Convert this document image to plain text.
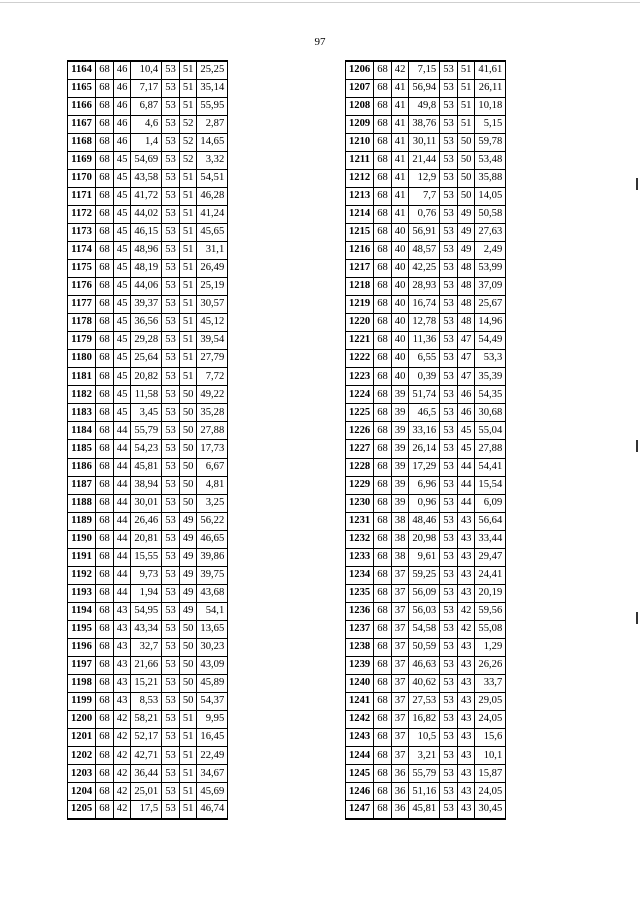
97
1164	68	46	10,4	53	51	25,25
1165	68	46	7,17	53	51	35,14
1166	68	46	6,87	53	51	55,95
1167	68	46	4,6	53	52	2,87
1168	68	46	1,4	53	52	14,65
1169	68	45	54,69	53	52	3,32
1170	68	45	43,58	53	51	54,51
1171	68	45	41,72	53	51	46,28
1172	68	45	44,02	53	51	41,24
1173	68	45	46,15	53	51	45,65
1174	68	45	48,96	53	51	31,1
1175	68	45	48,19	53	51	26,49
1176	68	45	44,06	53	51	25,19
1177	68	45	39,37	53	51	30,57
1178	68	45	36,56	53	51	45,12
1179	68	45	29,28	53	51	39,54
1180	68	45	25,64	53	51	27,79
1181	68	45	20,82	53	51	7,72
1182	68	45	11,58	53	50	49,22
1183	68	45	3,45	53	50	35,28
1184	68	44	55,79	53	50	27,88
1185	68	44	54,23	53	50	17,73
1186	68	44	45,81	53	50	6,67
1187	68	44	38,94	53	50	4,81
1188	68	44	30,01	53	50	3,25
1189	68	44	26,46	53	49	56,22
1190	68	44	20,81	53	49	46,65
1191	68	44	15,55	53	49	39,86
1192	68	44	9,73	53	49	39,75
1193	68	44	1,94	53	49	43,68
1194	68	43	54,95	53	49	54,1
1195	68	43	43,34	53	50	13,65
1196	68	43	32,7	53	50	30,23
1197	68	43	21,66	53	50	43,09
1198	68	43	15,21	53	50	45,89
1199	68	43	8,53	53	50	54,37
1200	68	42	58,21	53	51	9,95
1201	68	42	52,17	53	51	16,45
1202	68	42	42,71	53	51	22,49
1203	68	42	36,44	53	51	34,67
1204	68	42	25,01	53	51	45,69
1205	68	42	17,5	53	51	46,74
1206	68	42	7,15	53	51	41,61
1207	68	41	56,94	53	51	26,11
1208	68	41	49,8	53	51	10,18
1209	68	41	38,76	53	51	5,15
1210	68	41	30,11	53	50	59,78
1211	68	41	21,44	53	50	53,48
1212	68	41	12,9	53	50	35,88
1213	68	41	7,7	53	50	14,05
1214	68	41	0,76	53	49	50,58
1215	68	40	56,91	53	49	27,63
1216	68	40	48,57	53	49	2,49
1217	68	40	42,25	53	48	53,99
1218	68	40	28,93	53	48	37,09
1219	68	40	16,74	53	48	25,67
1220	68	40	12,78	53	48	14,96
1221	68	40	11,36	53	47	54,49
1222	68	40	6,55	53	47	53,3
1223	68	40	0,39	53	47	35,39
1224	68	39	51,74	53	46	54,35
1225	68	39	46,5	53	46	30,68
1226	68	39	33,16	53	45	55,04
1227	68	39	26,14	53	45	27,88
1228	68	39	17,29	53	44	54,41
1229	68	39	6,96	53	44	15,54
1230	68	39	0,96	53	44	6,09
1231	68	38	48,46	53	43	56,64
1232	68	38	20,98	53	43	33,44
1233	68	38	9,61	53	43	29,47
1234	68	37	59,25	53	43	24,41
1235	68	37	56,09	53	43	20,19
1236	68	37	56,03	53	42	59,56
1237	68	37	54,58	53	42	55,08
1238	68	37	50,59	53	43	1,29
1239	68	37	46,63	53	43	26,26
1240	68	37	40,62	53	43	33,7
1241	68	37	27,53	53	43	29,05
1242	68	37	16,82	53	43	24,05
1243	68	37	10,5	53	43	15,6
1244	68	37	3,21	53	43	10,1
1245	68	36	55,79	53	43	15,87
1246	68	36	51,16	53	43	24,05
1247	68	36	45,81	53	43	30,45
